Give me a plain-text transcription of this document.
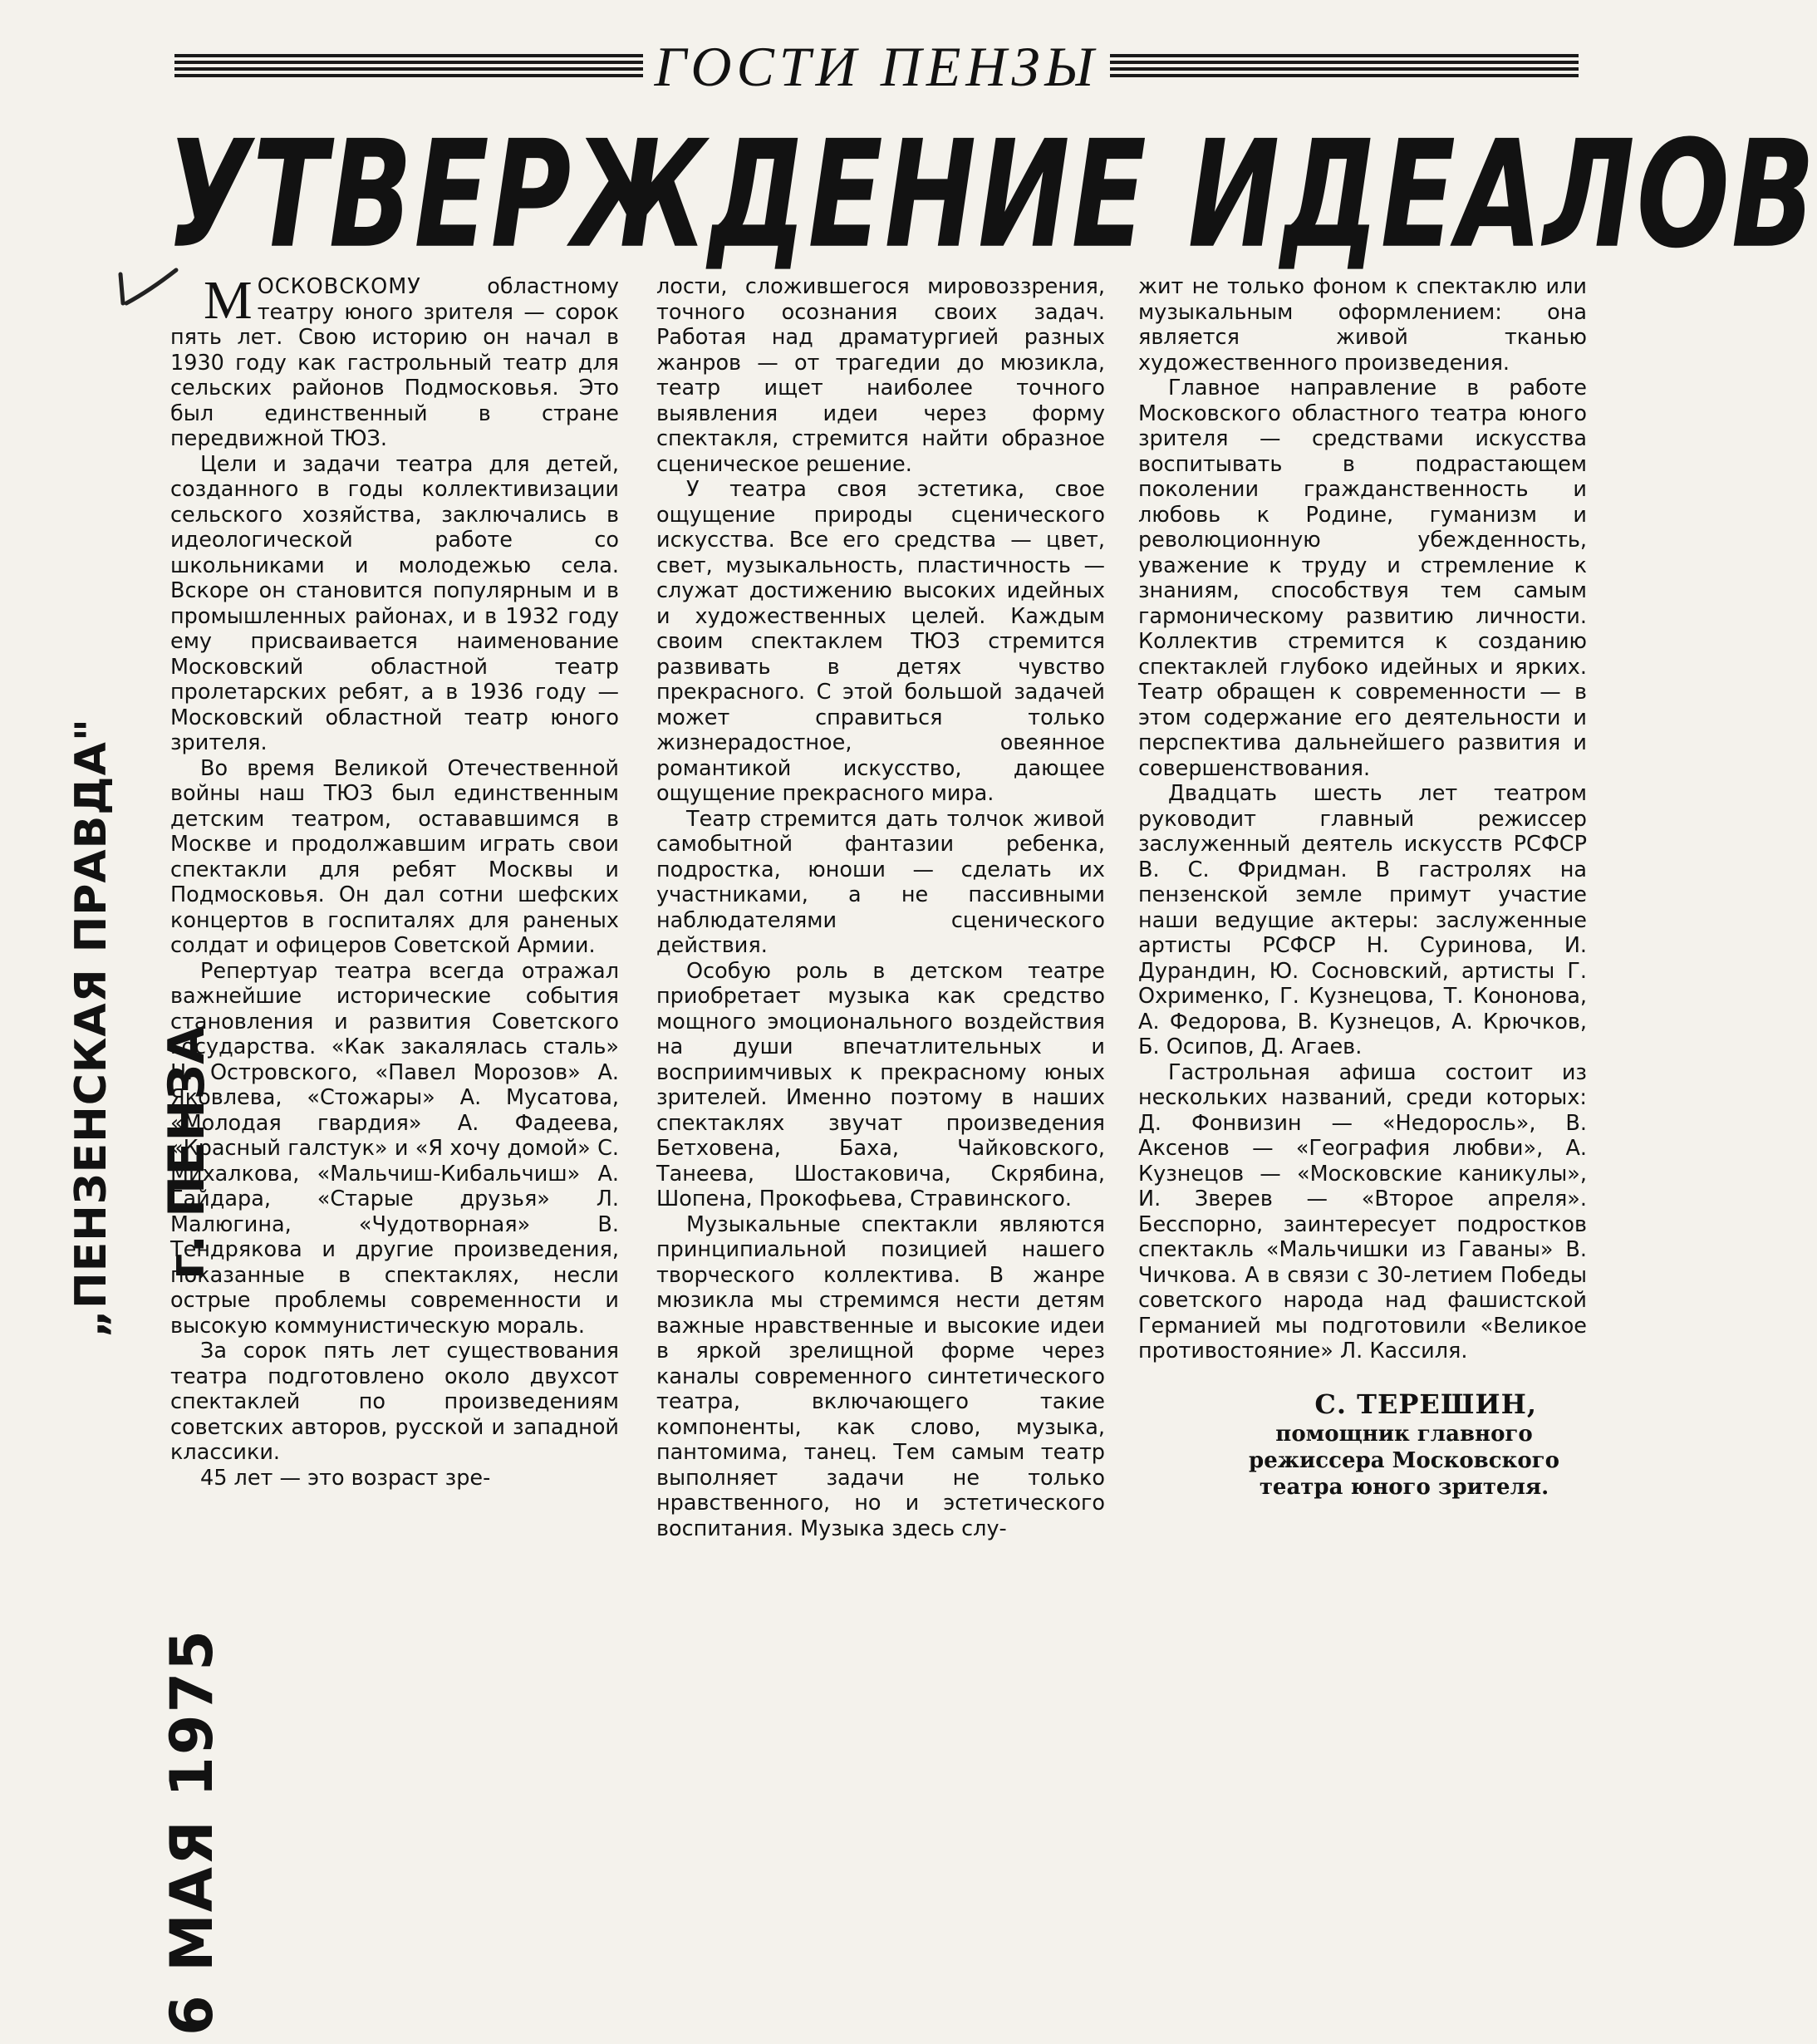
ГОСТИ ПЕНЗЫ
УТВЕРЖДЕНИЕ ИДЕАЛОВ
„ПЕНЗЕНСКАЯ ПРАВДА" г. ПЕНЗА
6 МАЯ 1975

МОСКОВСКОМУ областному театру юного зрителя — сорок пять лет. Свою историю он начал в 1930 году как гастрольный театр для сельских районов Подмосковья. Это был единственный в стране передвижной ТЮЗ.

Цели и задачи театра для детей, созданного в годы коллективизации сельского хозяйства, заключались в идеологической работе со школьниками и молодежью села. Вскоре он становится популярным и в промышленных районах, и в 1932 году ему присваивается наименование Московский областной театр пролетарских ребят, а в 1936 году — Московский областной театр юного зрителя.

Во время Великой Отечественной войны наш ТЮЗ был единственным детским театром, остававшимся в Москве и продолжавшим играть свои спектакли для ребят Москвы и Подмосковья. Он дал сотни шефских концертов в госпиталях для раненых солдат и офицеров Советской Армии.

Репертуар театра всегда отражал важнейшие исторические события становления и развития Советского государства. «Как закалялась сталь» Н. Островского, «Павел Морозов» А. Яковлева, «Стожары» А. Мусатова, «Молодая гвардия» А. Фадеева, «Красный галстук» и «Я хочу домой» С. Михалкова, «Мальчиш-Кибальчиш» А. Гайдара, «Старые друзья» Л. Малюгина, «Чудотворная» В. Тендрякова и другие произведения, показанные в спектаклях, несли острые проблемы современности и высокую коммунистическую мораль.

За сорок пять лет существования театра подготовлено около двухсот спектаклей по произведениям советских авторов, русской и западной классики.

45 лет — это возраст зре-

лости, сложившегося мировоззрения, точного осознания своих задач. Работая над драматургией разных жанров — от трагедии до мюзикла, театр ищет наиболее точного выявления идеи через форму спектакля, стремится найти образное сценическое решение.

У театра своя эстетика, свое ощущение природы сценического искусства. Все его средства — цвет, свет, музыкальность, пластичность — служат достижению высоких идейных и художественных целей. Каждым своим спектаклем ТЮЗ стремится развивать в детях чувство прекрасного. С этой большой задачей может справиться только жизнерадостное, овеянное романтикой искусство, дающее ощущение прекрасного мира.

Театр стремится дать толчок живой самобытной фантазии ребенка, подростка, юноши — сделать их участниками, а не пассивными наблюдателями сценического действия.

Особую роль в детском театре приобретает музыка как средство мощного эмоционального воздействия на души впечатлительных и восприимчивых к прекрасному юных зрителей. Именно поэтому в наших спектаклях звучат произведения Бетховена, Баха, Чайковского, Танеева, Шостаковича, Скрябина, Шопена, Прокофьева, Стравинского.

Музыкальные спектакли являются принципиальной позицией нашего творческого коллектива. В жанре мюзикла мы стремимся нести детям важные нравственные и высокие идеи в яркой зрелищной форме через каналы современного синтетического театра, включающего такие компоненты, как слово, музыка, пантомима, танец. Тем самым театр выполняет задачи не только нравственного, но и эстетического воспитания. Музыка здесь слу-

жит не только фоном к спектаклю или музыкальным оформлением: она является живой тканью художественного произведения.

Главное направление в работе Московского областного театра юного зрителя — средствами искусства воспитывать в подрастающем поколении гражданственность и любовь к Родине, гуманизм и революционную убежденность, уважение к труду и стремление к знаниям, способствуя тем самым гармоническому развитию личности. Коллектив стремится к созданию спектаклей глубоко идейных и ярких. Театр обращен к современности — в этом содержание его деятельности и перспектива дальнейшего развития и совершенствования.

Двадцать шесть лет театром руководит главный режиссер заслуженный деятель искусств РСФСР В. С. Фридман. В гастролях на пензенской земле примут участие наши ведущие актеры: заслуженные артисты РСФСР Н. Суринова, И. Дурандин, Ю. Сосновский, артисты Г. Охрименко, Г. Кузнецова, Т. Кононова, А. Федорова, В. Кузнецов, А. Крючков, Б. Осипов, Д. Агаев.

Гастрольная афиша состоит из нескольких названий, среди которых: Д. Фонвизин — «Недоросль», В. Аксенов — «География любви», А. Кузнецов — «Московские каникулы», И. Зверев — «Второе апреля». Бесспорно, заинтересует подростков спектакль «Мальчишки из Гаваны» В. Чичкова. А в связи с 30-летием Победы советского народа над фашистской Германией мы подготовили «Великое противостояние» Л. Кассиля.

С. ТЕРЕШИН,
помощник главного режиссера Московского театра юного зрителя.
